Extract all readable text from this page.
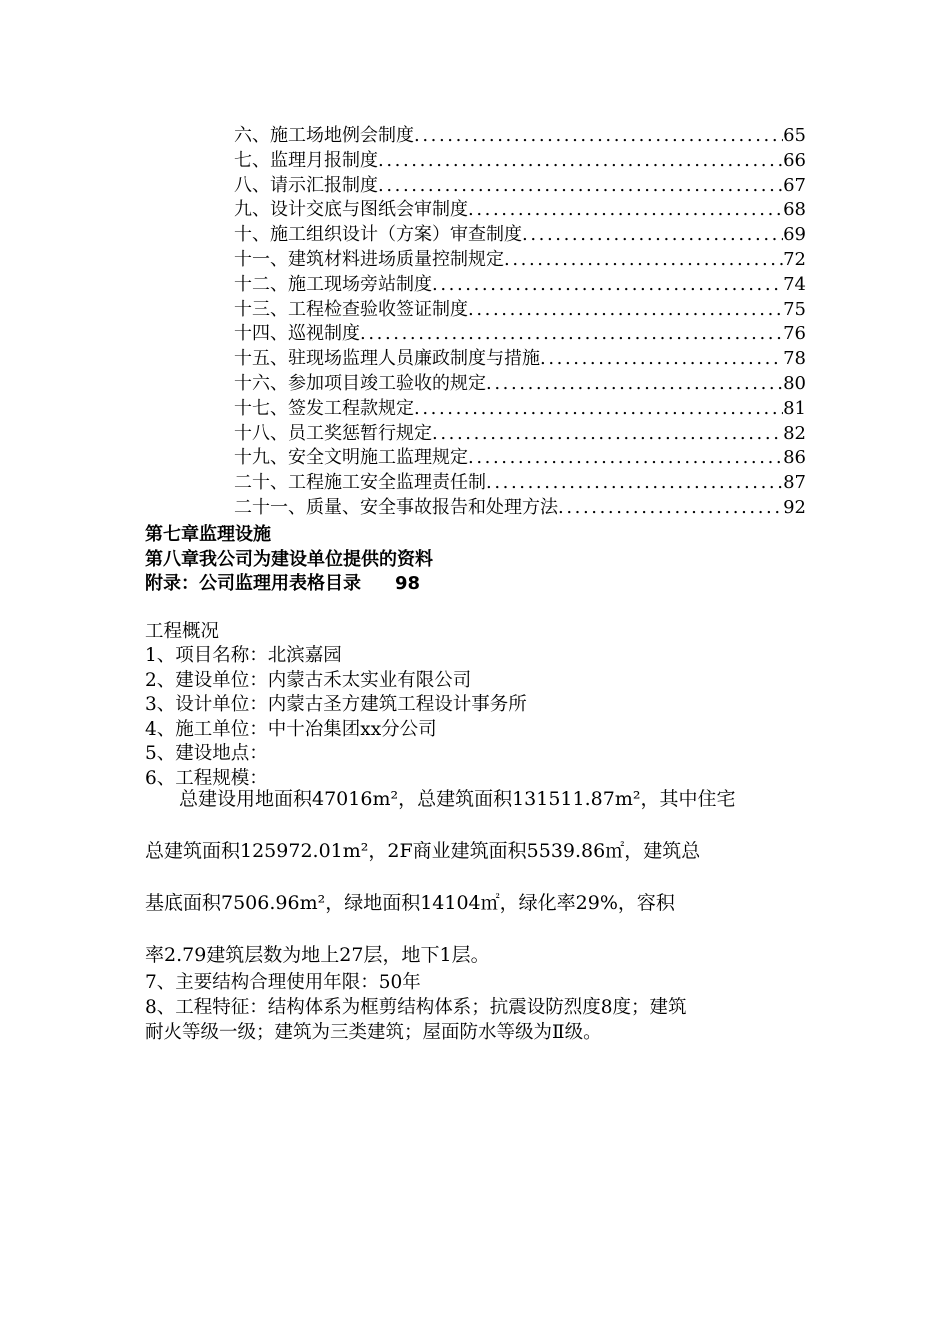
六、施工场地例会制度 .....	65
七、监理月报制度 .....	66
八、请示汇报制度 .....	67
九、设计交底与图纸会审制度 .....	68
十、施工组织设计（方案）审查制度 .....	69
十一、建筑材料进场质量控制规定 .....	72
十二、施工现场旁站制度 .....	74
十三、工程检查验收签证制度 .....	75
十四、巡视制度 .....	76
十五、驻现场监理人员廉政制度与措施 .....	78
十六、参加项目竣工验收的规定 .....	80
十七、签发工程款规定 .....	81
十八、员工奖惩暂行规定 .....	82
十九、安全文明施工监理规定 .....	86
二十、工程施工安全监理责任制 .....	87
二十一、质量、安全事故报告和处理方法 .....	92
第七章监理设施
第八章我公司为建设单位提供的资料
附录：公司监理用表格目录 98
工程概况
1、项目名称：北滨嘉园
2、建设单位：内蒙古禾太实业有限公司
3、设计单位：内蒙古圣方建筑工程设计事务所
4、施工单位：中十冶集团xx分公司
5、建设地点：
6、工程规模：
总建设用地面积47016m²，总建筑面积131511.87m²，其中住宅
总建筑面积125972.01m²，2F商业建筑面积5539.86㎡，建筑总
基底面积7506.96m²，绿地面积14104㎡，绿化率29%，容积
率2.79建筑层数为地上27层，地下1层。
7、主要结构合理使用年限：50年
8、工程特征：结构体系为框剪结构体系；抗震设防烈度8度；建筑
耐火等级一级；建筑为三类建筑；屋面防水等级为Ⅱ级。
